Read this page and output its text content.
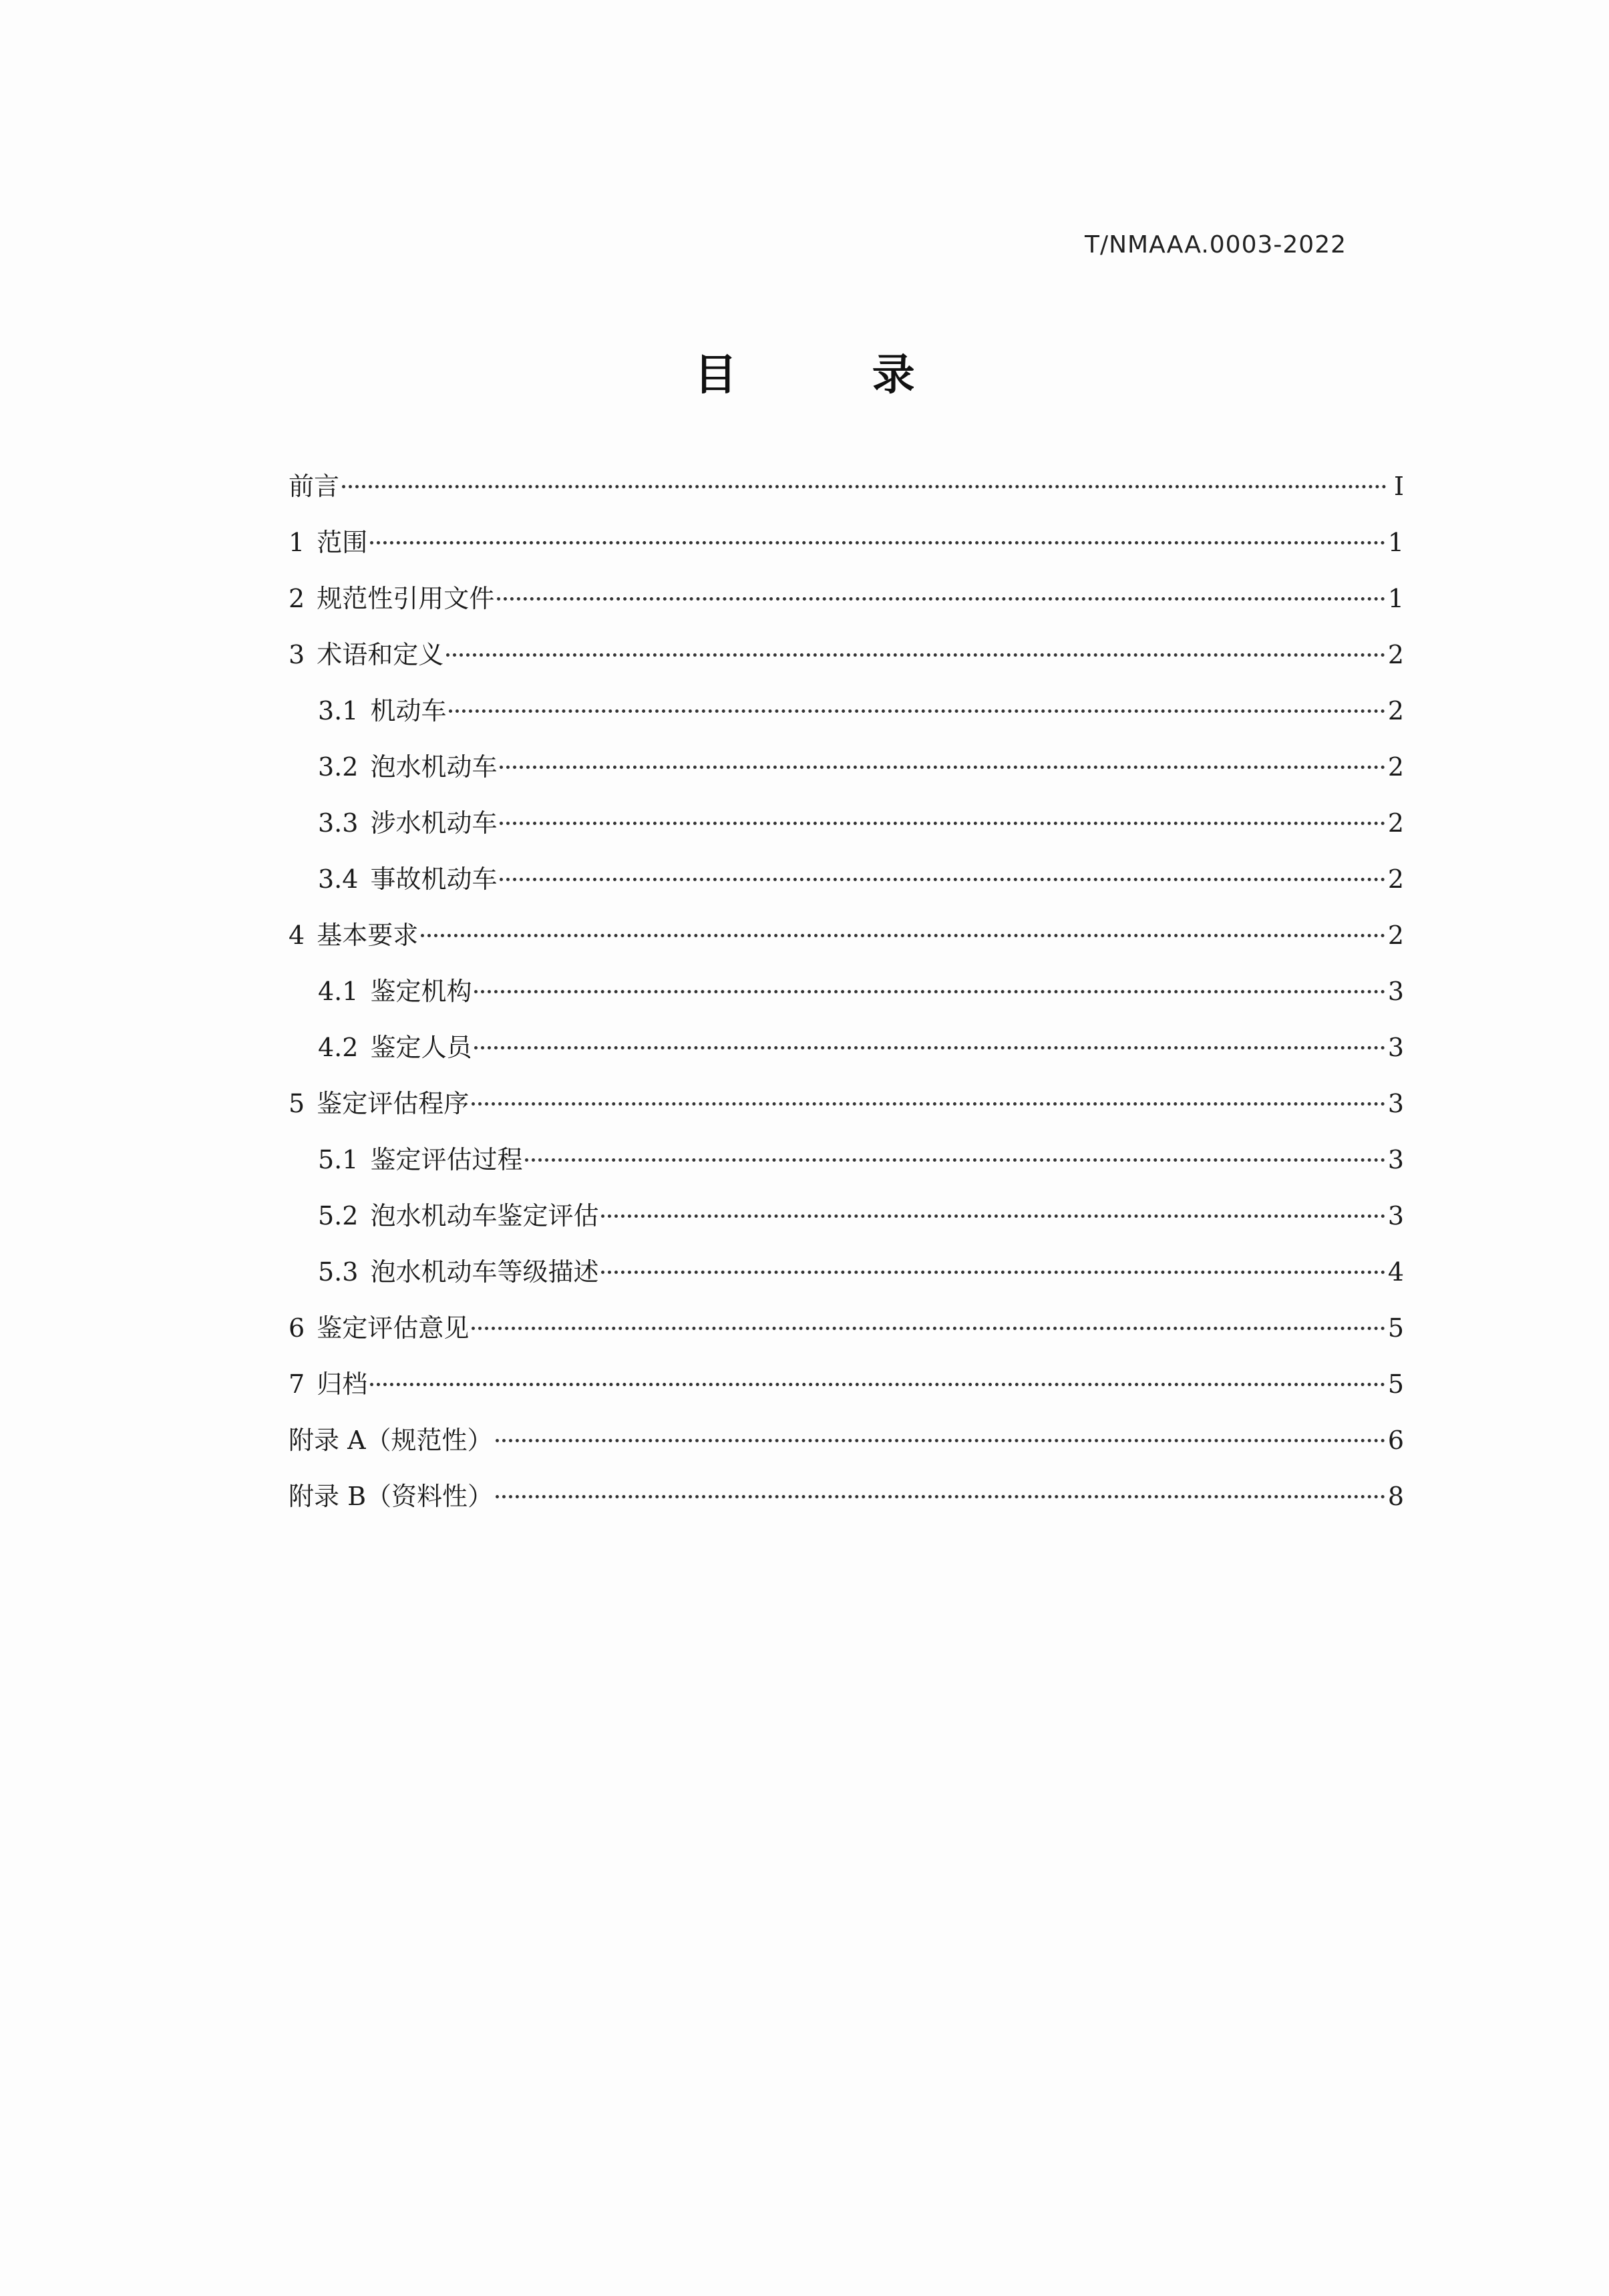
T/NMAAA.0003-2022
目 录
前言	I
1 范围	1
2 规范性引用文件	1
3 术语和定义	2
3.1 机动车	2
3.2 泡水机动车	2
3.3 涉水机动车	2
3.4 事故机动车	2
4 基本要求	2
4.1 鉴定机构	3
4.2 鉴定人员	3
5 鉴定评估程序	3
5.1 鉴定评估过程	3
5.2 泡水机动车鉴定评估	3
5.3 泡水机动车等级描述	4
6 鉴定评估意见	5
7 归档	5
附录 A（规范性）	6
附录 B（资料性）	8
